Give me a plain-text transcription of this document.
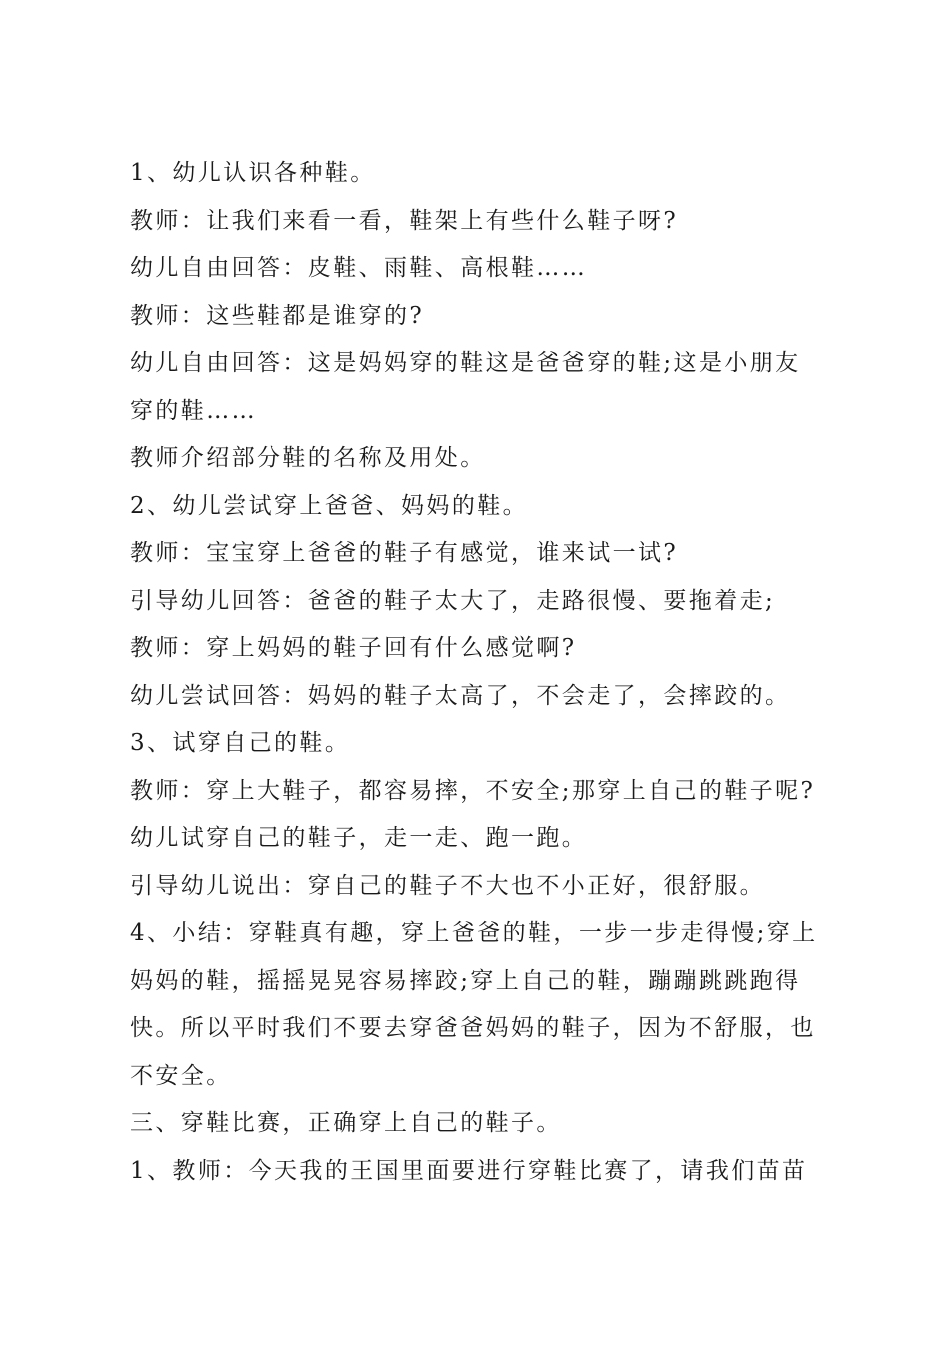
1、幼儿认识各种鞋。
教师：让我们来看一看，鞋架上有些什么鞋子呀?
幼儿自由回答：皮鞋、雨鞋、高根鞋……
教师：这些鞋都是谁穿的?
幼儿自由回答：这是妈妈穿的鞋这是爸爸穿的鞋;这是小朋友
穿的鞋……
教师介绍部分鞋的名称及用处。
2、幼儿尝试穿上爸爸、妈妈的鞋。
教师：宝宝穿上爸爸的鞋子有感觉，谁来试一试?
引导幼儿回答：爸爸的鞋子太大了，走路很慢、要拖着走;
教师：穿上妈妈的鞋子回有什么感觉啊?
幼儿尝试回答：妈妈的鞋子太高了，不会走了，会摔跤的。
3、试穿自己的鞋。
教师：穿上大鞋子，都容易摔，不安全;那穿上自己的鞋子呢?
幼儿试穿自己的鞋子，走一走、跑一跑。
引导幼儿说出：穿自己的鞋子不大也不小正好，很舒服。
4、小结：穿鞋真有趣，穿上爸爸的鞋，一步一步走得慢;穿上
妈妈的鞋，摇摇晃晃容易摔跤;穿上自己的鞋，蹦蹦跳跳跑得
快。所以平时我们不要去穿爸爸妈妈的鞋子，因为不舒服，也
不安全。
三、穿鞋比赛，正确穿上自己的鞋子。
1、教师：今天我的王国里面要进行穿鞋比赛了，请我们苗苗
